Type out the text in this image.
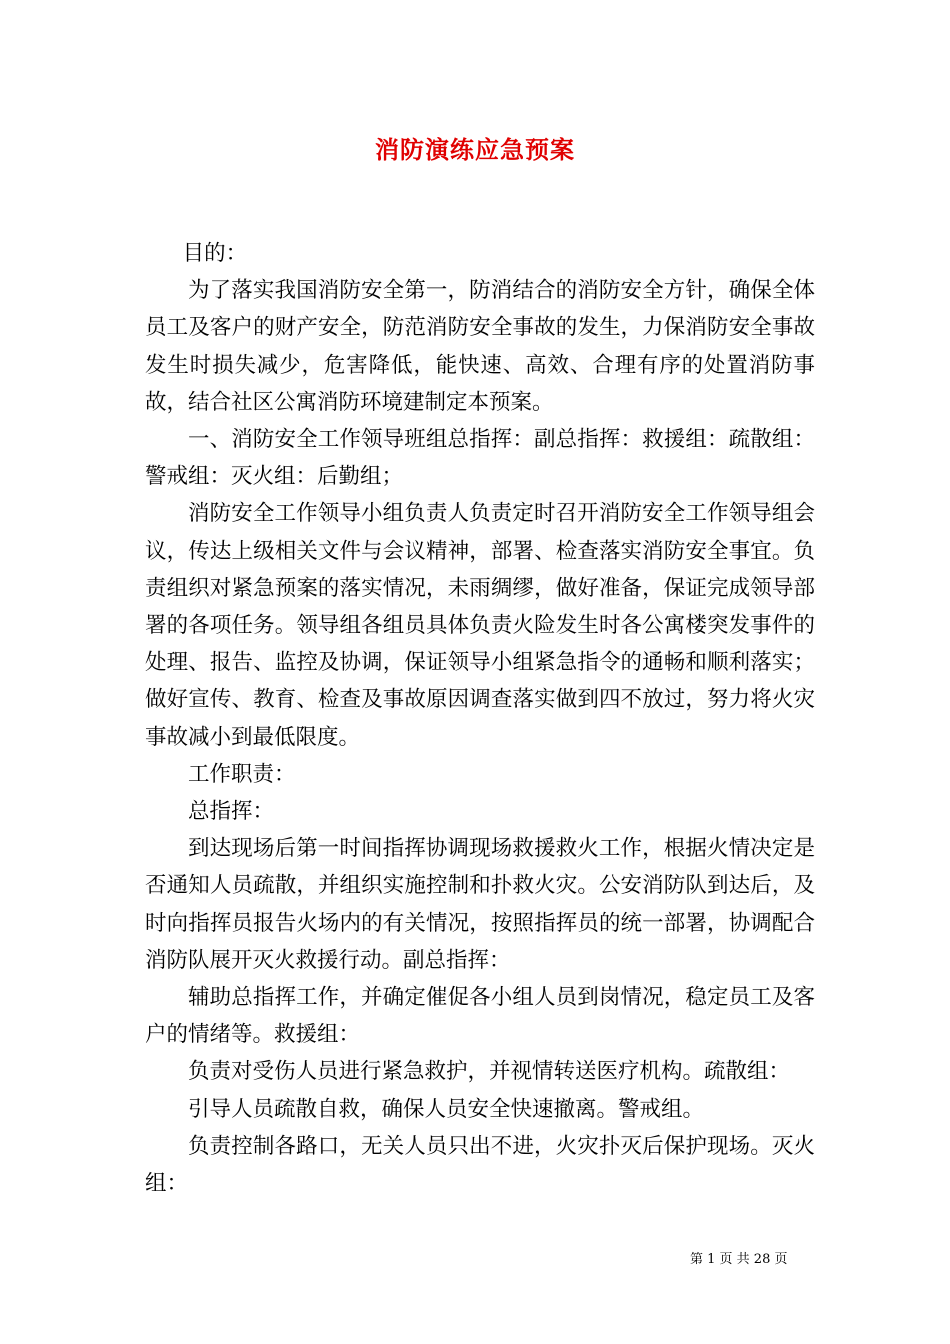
消防演练应急预案

目的：

为了落实我国消防安全第一，防消结合的消防安全方针，确保全体员工及客户的财产安全，防范消防安全事故的发生，力保消防安全事故发生时损失减少，危害降低，能快速、高效、合理有序的处置消防事故，结合社区公寓消防环境建制定本预案。

一、消防安全工作领导班组总指挥：副总指挥：救援组：疏散组：警戒组：灭火组：后勤组；

消防安全工作领导小组负责人负责定时召开消防安全工作领导组会议，传达上级相关文件与会议精神，部署、检查落实消防安全事宜。负责组织对紧急预案的落实情况，未雨绸缪，做好准备，保证完成领导部署的各项任务。领导组各组员具体负责火险发生时各公寓楼突发事件的处理、报告、监控及协调，保证领导小组紧急指令的通畅和顺利落实；做好宣传、教育、检查及事故原因调查落实做到四不放过，努力将火灾事故减小到最低限度。

工作职责：

总指挥：

到达现场后第一时间指挥协调现场救援救火工作，根据火情决定是否通知人员疏散，并组织实施控制和扑救火灾。公安消防队到达后，及时向指挥员报告火场内的有关情况，按照指挥员的统一部署，协调配合消防队展开灭火救援行动。副总指挥：

辅助总指挥工作，并确定催促各小组人员到岗情况，稳定员工及客户的情绪等。救援组：

负责对受伤人员进行紧急救护，并视情转送医疗机构。疏散组：

引导人员疏散自救，确保人员安全快速撤离。警戒组。

负责控制各路口，无关人员只出不进，火灾扑灭后保护现场。灭火组：

第 1 页 共 28 页
